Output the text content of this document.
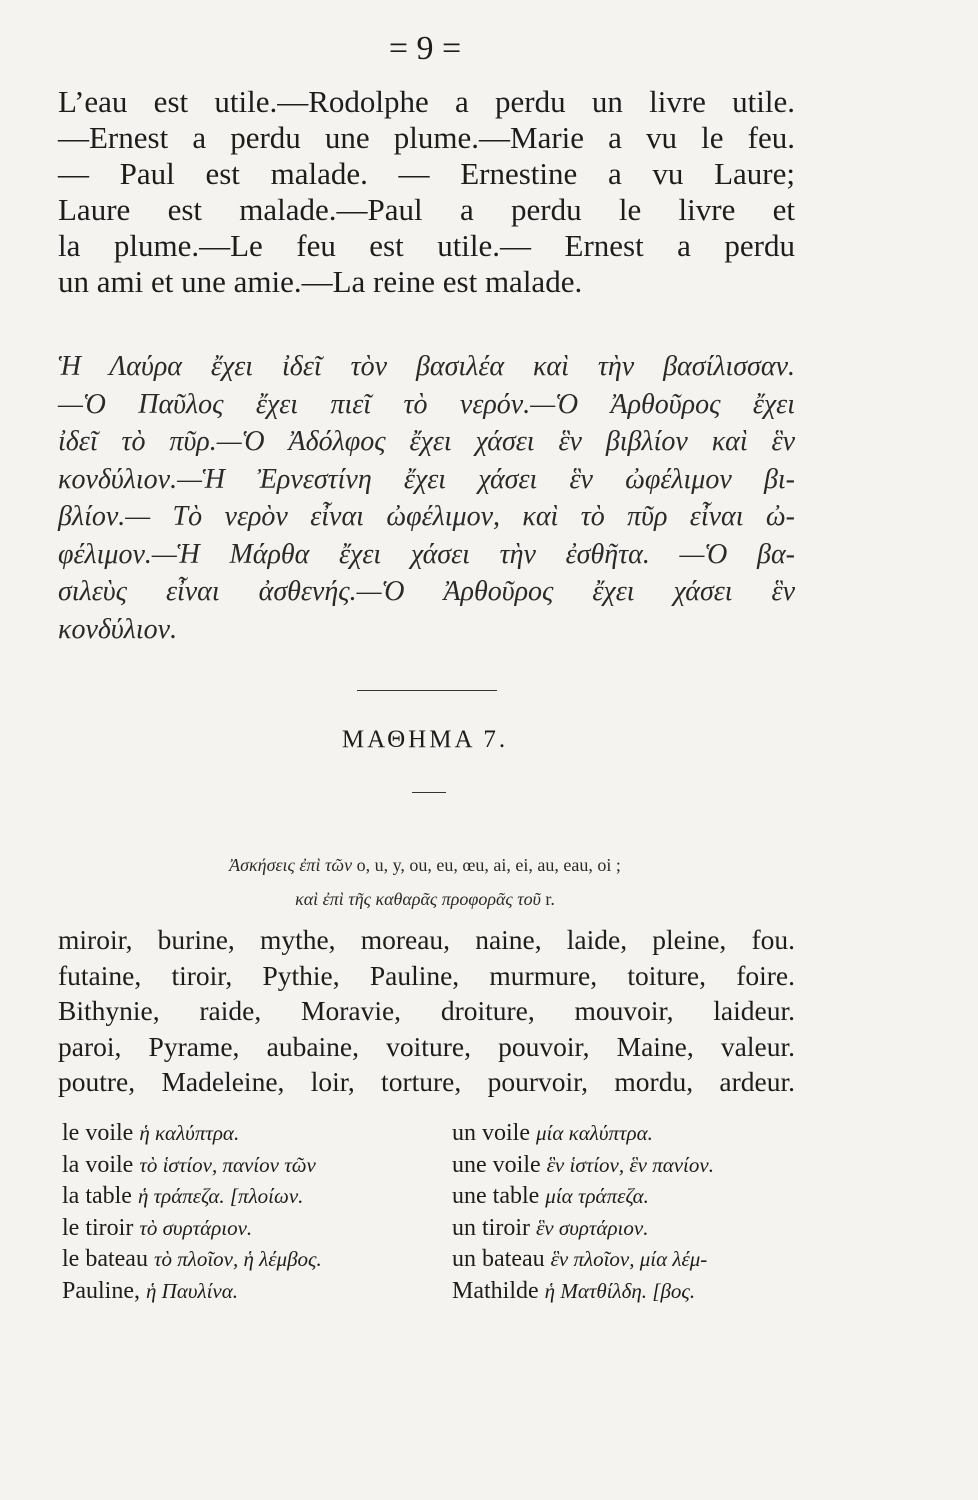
= 9 =
L’eau est utile.—Rodolphe a perdu un livre utile.
—Ernest a perdu une plume.—Marie a vu le feu.
— Paul est malade. — Ernestine a vu Laure;
Laure est malade.—Paul a perdu le livre et
la plume.—Le feu est utile.— Ernest a perdu
un ami et une amie.—La reine est malade.
Ἡ Λαύρα ἔχει ἰδεῖ τὸν βασιλέα καὶ τὴν βασίλισσαν.
—Ὁ Παῦλος ἔχει πιεῖ τὸ νερόν.—Ὁ Ἀρθοῦρος ἔχει
ἰδεῖ τὸ πῦρ.—Ὁ Ἀδόλφος ἔχει χάσει ἓν βιβλίον καὶ ἓν
κονδύλιον.—Ἡ Ἐρνεστίνη ἔχει χάσει ἓν ὠφέλιμον βι-
βλίον.— Τὸ νερὸν εἶναι ὠφέλιμον, καὶ τὸ πῦρ εἶναι ὠ-
φέλιμον.—Ἡ Μάρθα ἔχει χάσει τὴν ἐσθῆτα. —Ὁ βα-
σιλεὺς εἶναι ἀσθενής.—Ὁ Ἀρθοῦρος ἔχει χάσει ἓν
κονδύλιον.
ΜΑΘΗΜΑ 7.
Ἀσκήσεις ἐπὶ τῶν o, u, y, ou, eu, œu, ai, ei, au, eau, oi ;
καὶ ἐπὶ τῆς καθαρᾶς προφορᾶς τοῦ r.
miroir, burine, mythe, moreau, naine, laide, pleine, fou.
futaine, tiroir, Pythie, Pauline, murmure, toiture, foire.
Bithynie, raide, Moravie, droiture, mouvoir, laideur.
paroi, Pyrame, aubaine, voiture, pouvoir, Maine, valeur.
poutre, Madeleine, loir, torture, pourvoir, mordu, ardeur.
le voile ἡ καλύπτρα.
la voile τὸ ἱστίον, πανίον τῶν
la table ἡ τράπεζα. [πλοίων.
le tiroir τὸ συρτάριον.
le bateau τὸ πλοῖον, ἡ λέμβος.
Pauline, ἡ Παυλίνα.
un voile μία καλύπτρα.
une voile ἓν ἱστίον, ἓν πανίον.
une table μία τράπεζα.
un tiroir ἓν συρτάριον.
un bateau ἓν πλοῖον, μία λέμ-
Mathilde ἡ Ματθίλδη. [βος.
